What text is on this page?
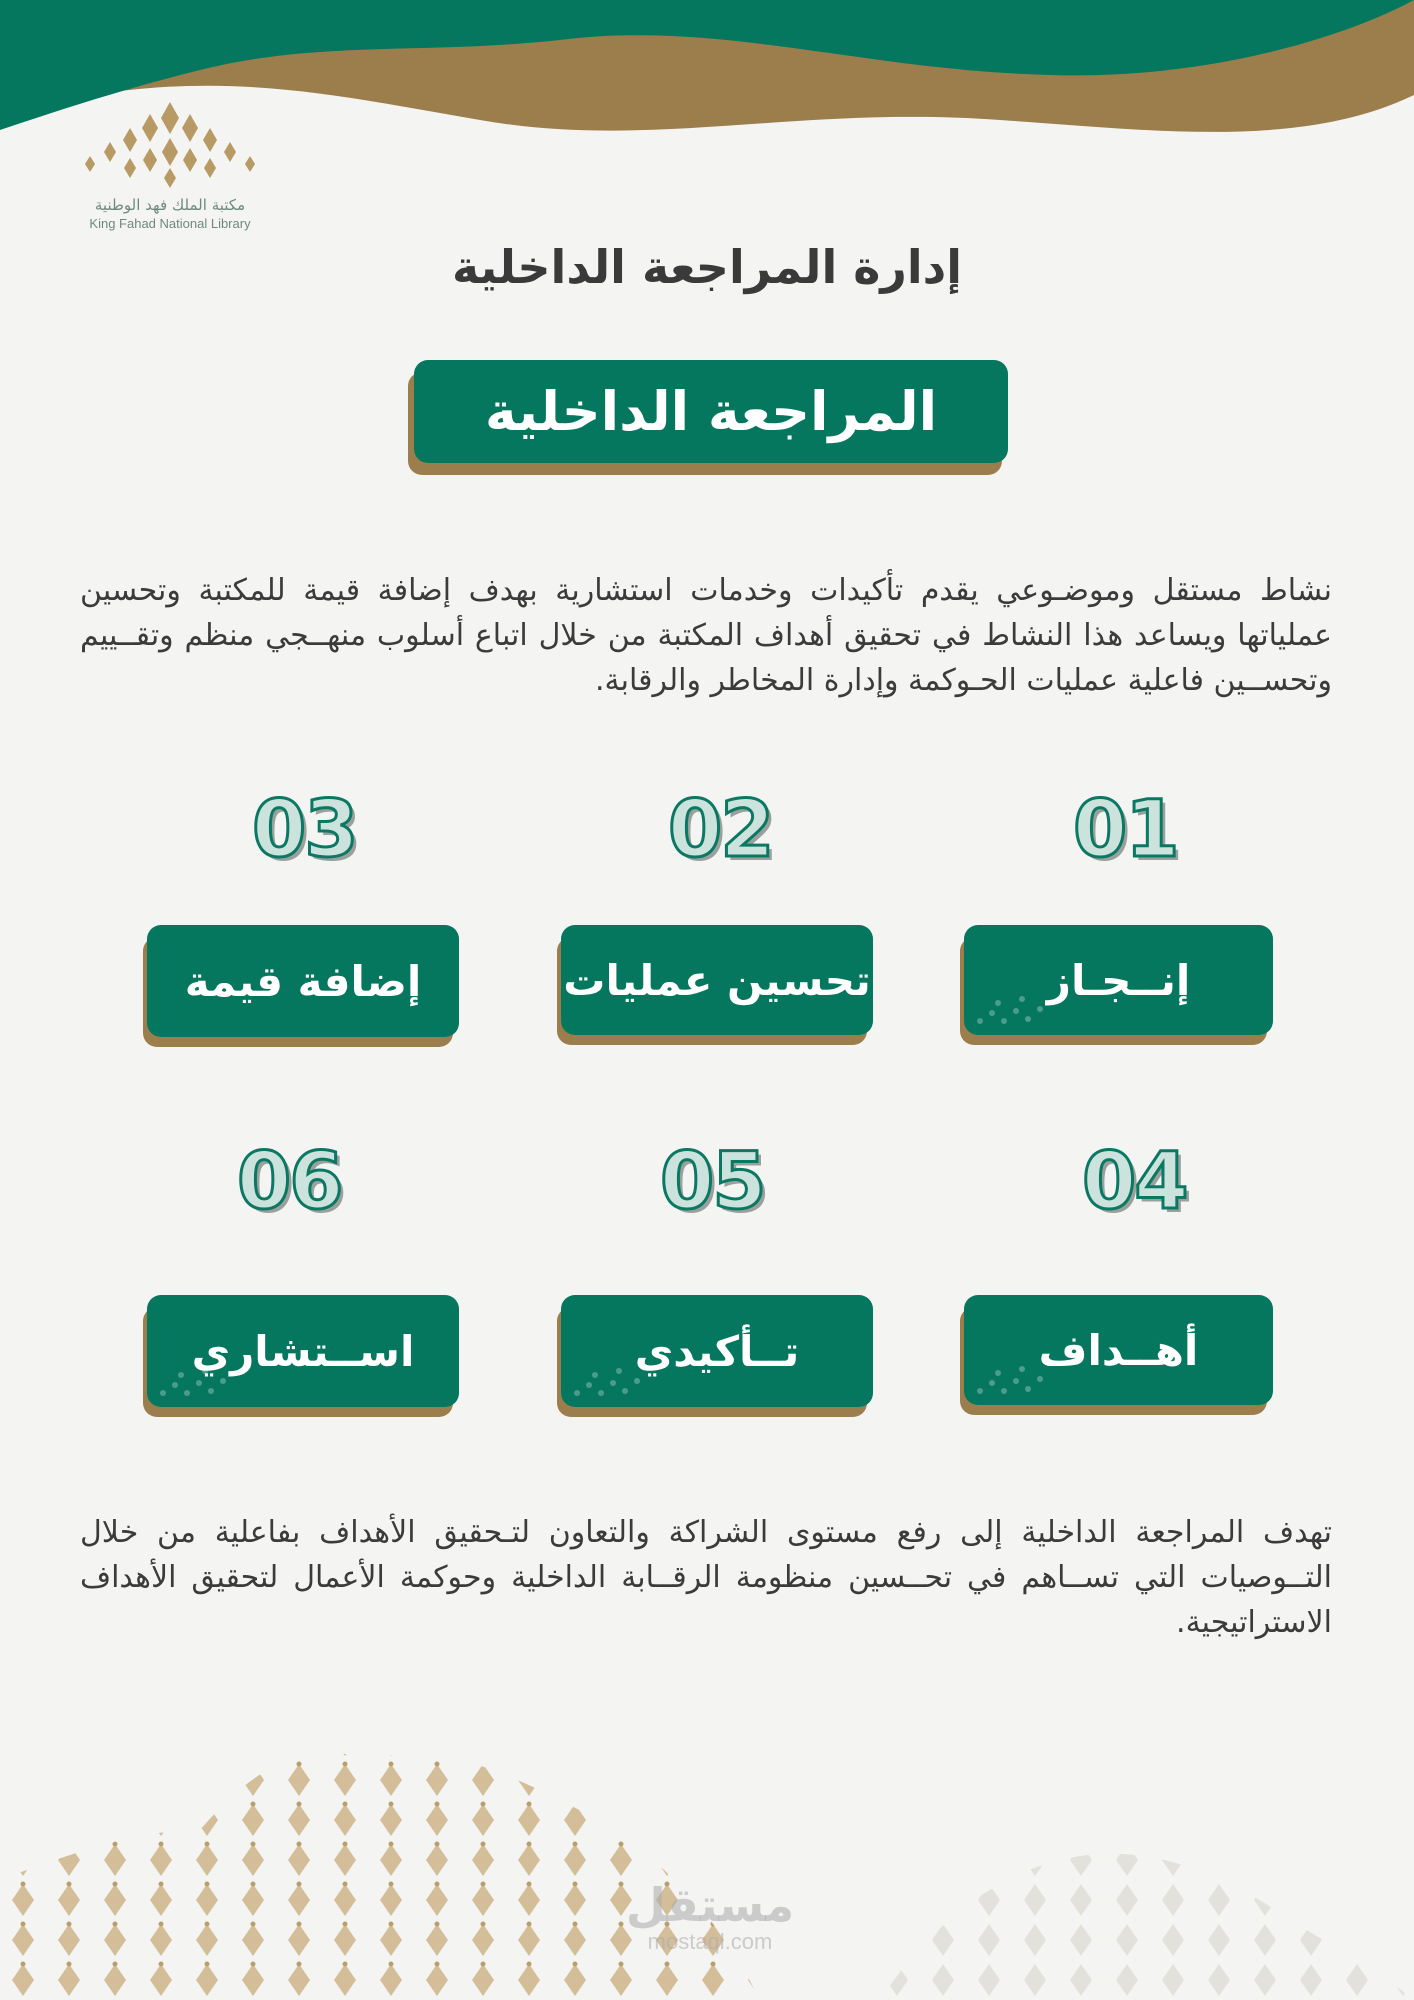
مكتبة الملك فهد الوطنية
King Fahad National Library
إدارة المراجعة الداخلية
المراجعة الداخلية
نشاط مستقل وموضـوعي يقدم تأكيدات وخدمات استشارية بهدف إضافة قيمة للمكتبة وتحسين عملياتها ويساعد هذا النشاط في تحقيق أهداف المكتبة من خلال اتباع أسلوب منهــجي منظم وتقــييم وتحســين فاعلية عمليات الحـوكمة وإدارة المخاطر والرقابة.
01
02
03
04
05
06
إنــجـاز
تحسين عمليات
إضافة قيمة
أهــداف
تــأكيدي
اســتشاري
تهدف المراجعة الداخلية إلى رفع مستوى الشراكة والتعاون لتـحقيق الأهداف بفاعلية من خلال التــوصيات التي تســاهم في تحــسين منظومة الرقــابة الداخلية وحوكمة الأعمال لتحقيق الأهداف الاستراتيجية.
مستقل
mostaql.com
